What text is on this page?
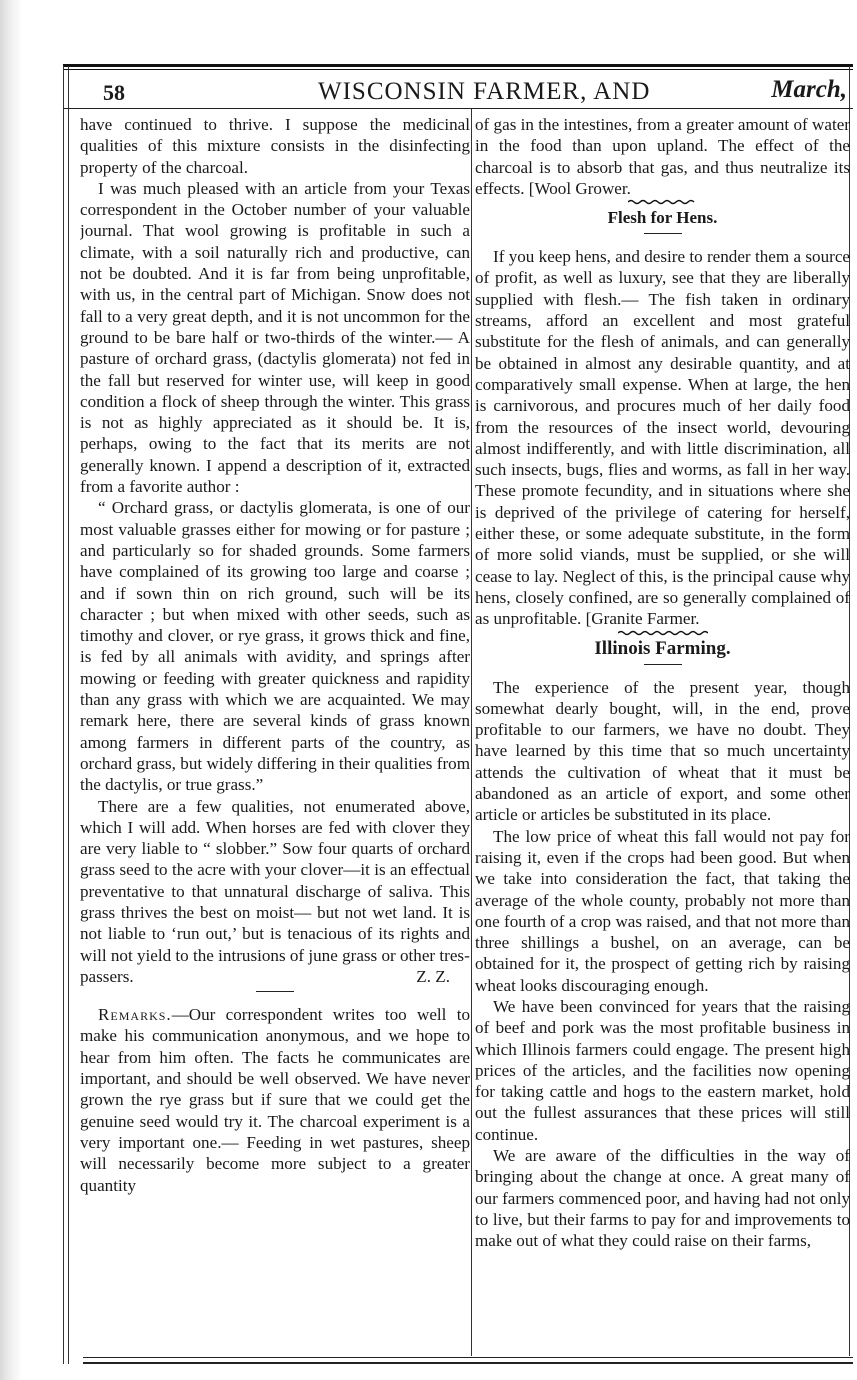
58	WISCONSIN FARMER, AND	March,

have continued to thrive. I suppose the medicinal qualities of this mixture consists in the disinfecting property of the charcoal.

I was much pleased with an article from your Texas correspondent in the October number of your valuable journal. That wool growing is profitable in such a climate, with a soil naturally rich and productive, can not be doubted. And it is far from being unprofitable, with us, in the central part of Michigan. Snow does not fall to a very great depth, and it is not uncommon for the ground to be bare half or two-thirds of the winter.— A pasture of orchard grass, (dactylis glomerata) not fed in the fall but reserved for winter use, will keep in good condition a flock of sheep through the winter. This grass is not as highly appreciated as it should be. It is, perhaps, owing to the fact that its merits are not generally known. I append a description of it, extracted from a favorite author :

“ Orchard grass, or dactylis glomerata, is one of our most valuable grasses either for mowing or for pasture ; and particularly so for shaded grounds. Some farmers have complained of its growing too large and coarse ; and if sown thin on rich ground, such will be its character ; but when mixed with other seeds, such as timothy and clover, or rye grass, it grows thick and fine, is fed by all animals with avidity, and springs after mowing or feeding with greater quickness and rapidity than any grass with which we are acquainted. We may remark here, there are several kinds of grass known among farmers in different parts of the country, as orchard grass, but widely differing in their qualities from the dactylis, or true grass.”

There are a few qualities, not enumerated above, which I will add. When horses are fed with clover they are very liable to “ slobber.” Sow four quarts of orchard grass seed to the acre with your clover—it is an effectual preventative to that unnatural discharge of saliva. This grass thrives the best on moist— but not wet land. It is not liable to ‘run out,’ but is tenacious of its rights and will not yield to the intrusions of june grass or other tres-

passers.	Z. Z.

Remarks.—Our correspondent writes too well to make his communication anonymous, and we hope to hear from him often. The facts he communicates are important, and should be well observed. We have never grown the rye grass but if sure that we could get the genuine seed would try it. The charcoal experiment is a very important one.— Feeding in wet pastures, sheep will necessarily become more subject to a greater quantity

of gas in the intestines, from a greater amount of water in the food than upon upland. The effect of the charcoal is to absorb that gas, and thus neutralize its effects. [Wool Grower.

Flesh for Hens.

If you keep hens, and desire to render them a source of profit, as well as luxury, see that they are liberally supplied with flesh.— The fish taken in ordinary streams, afford an excellent and most grateful substitute for the flesh of animals, and can generally be obtained in almost any desirable quantity, and at comparatively small expense. When at large, the hen is carnivorous, and procures much of her daily food from the resources of the insect world, devouring almost indifferently, and with little discrimination, all such insects, bugs, flies and worms, as fall in her way. These promote fecundity, and in situations where she is deprived of the privilege of catering for herself, either these, or some adequate substitute, in the form of more solid viands, must be supplied, or she will cease to lay. Neglect of this, is the principal cause why hens, closely confined, are so generally complained of as unprofitable. [Granite Farmer.

Illinois Farming.

The experience of the present year, though somewhat dearly bought, will, in the end, prove profitable to our farmers, we have no doubt. They have learned by this time that so much uncertainty attends the cultivation of wheat that it must be abandoned as an article of export, and some other article or articles be substituted in its place.

The low price of wheat this fall would not pay for raising it, even if the crops had been good. But when we take into consideration the fact, that taking the average of the whole county, probably not more than one fourth of a crop was raised, and that not more than three shillings a bushel, on an average, can be obtained for it, the prospect of getting rich by raising wheat looks discouraging enough.

We have been convinced for years that the raising of beef and pork was the most profitable business in which Illinois farmers could engage. The present high prices of the articles, and the facilities now opening for taking cattle and hogs to the eastern market, hold out the fullest assurances that these prices will still continue.

We are aware of the difficulties in the way of bringing about the change at once. A great many of our farmers commenced poor, and having had not only to live, but their farms to pay for and improvements to make out of what they could raise on their farms,
